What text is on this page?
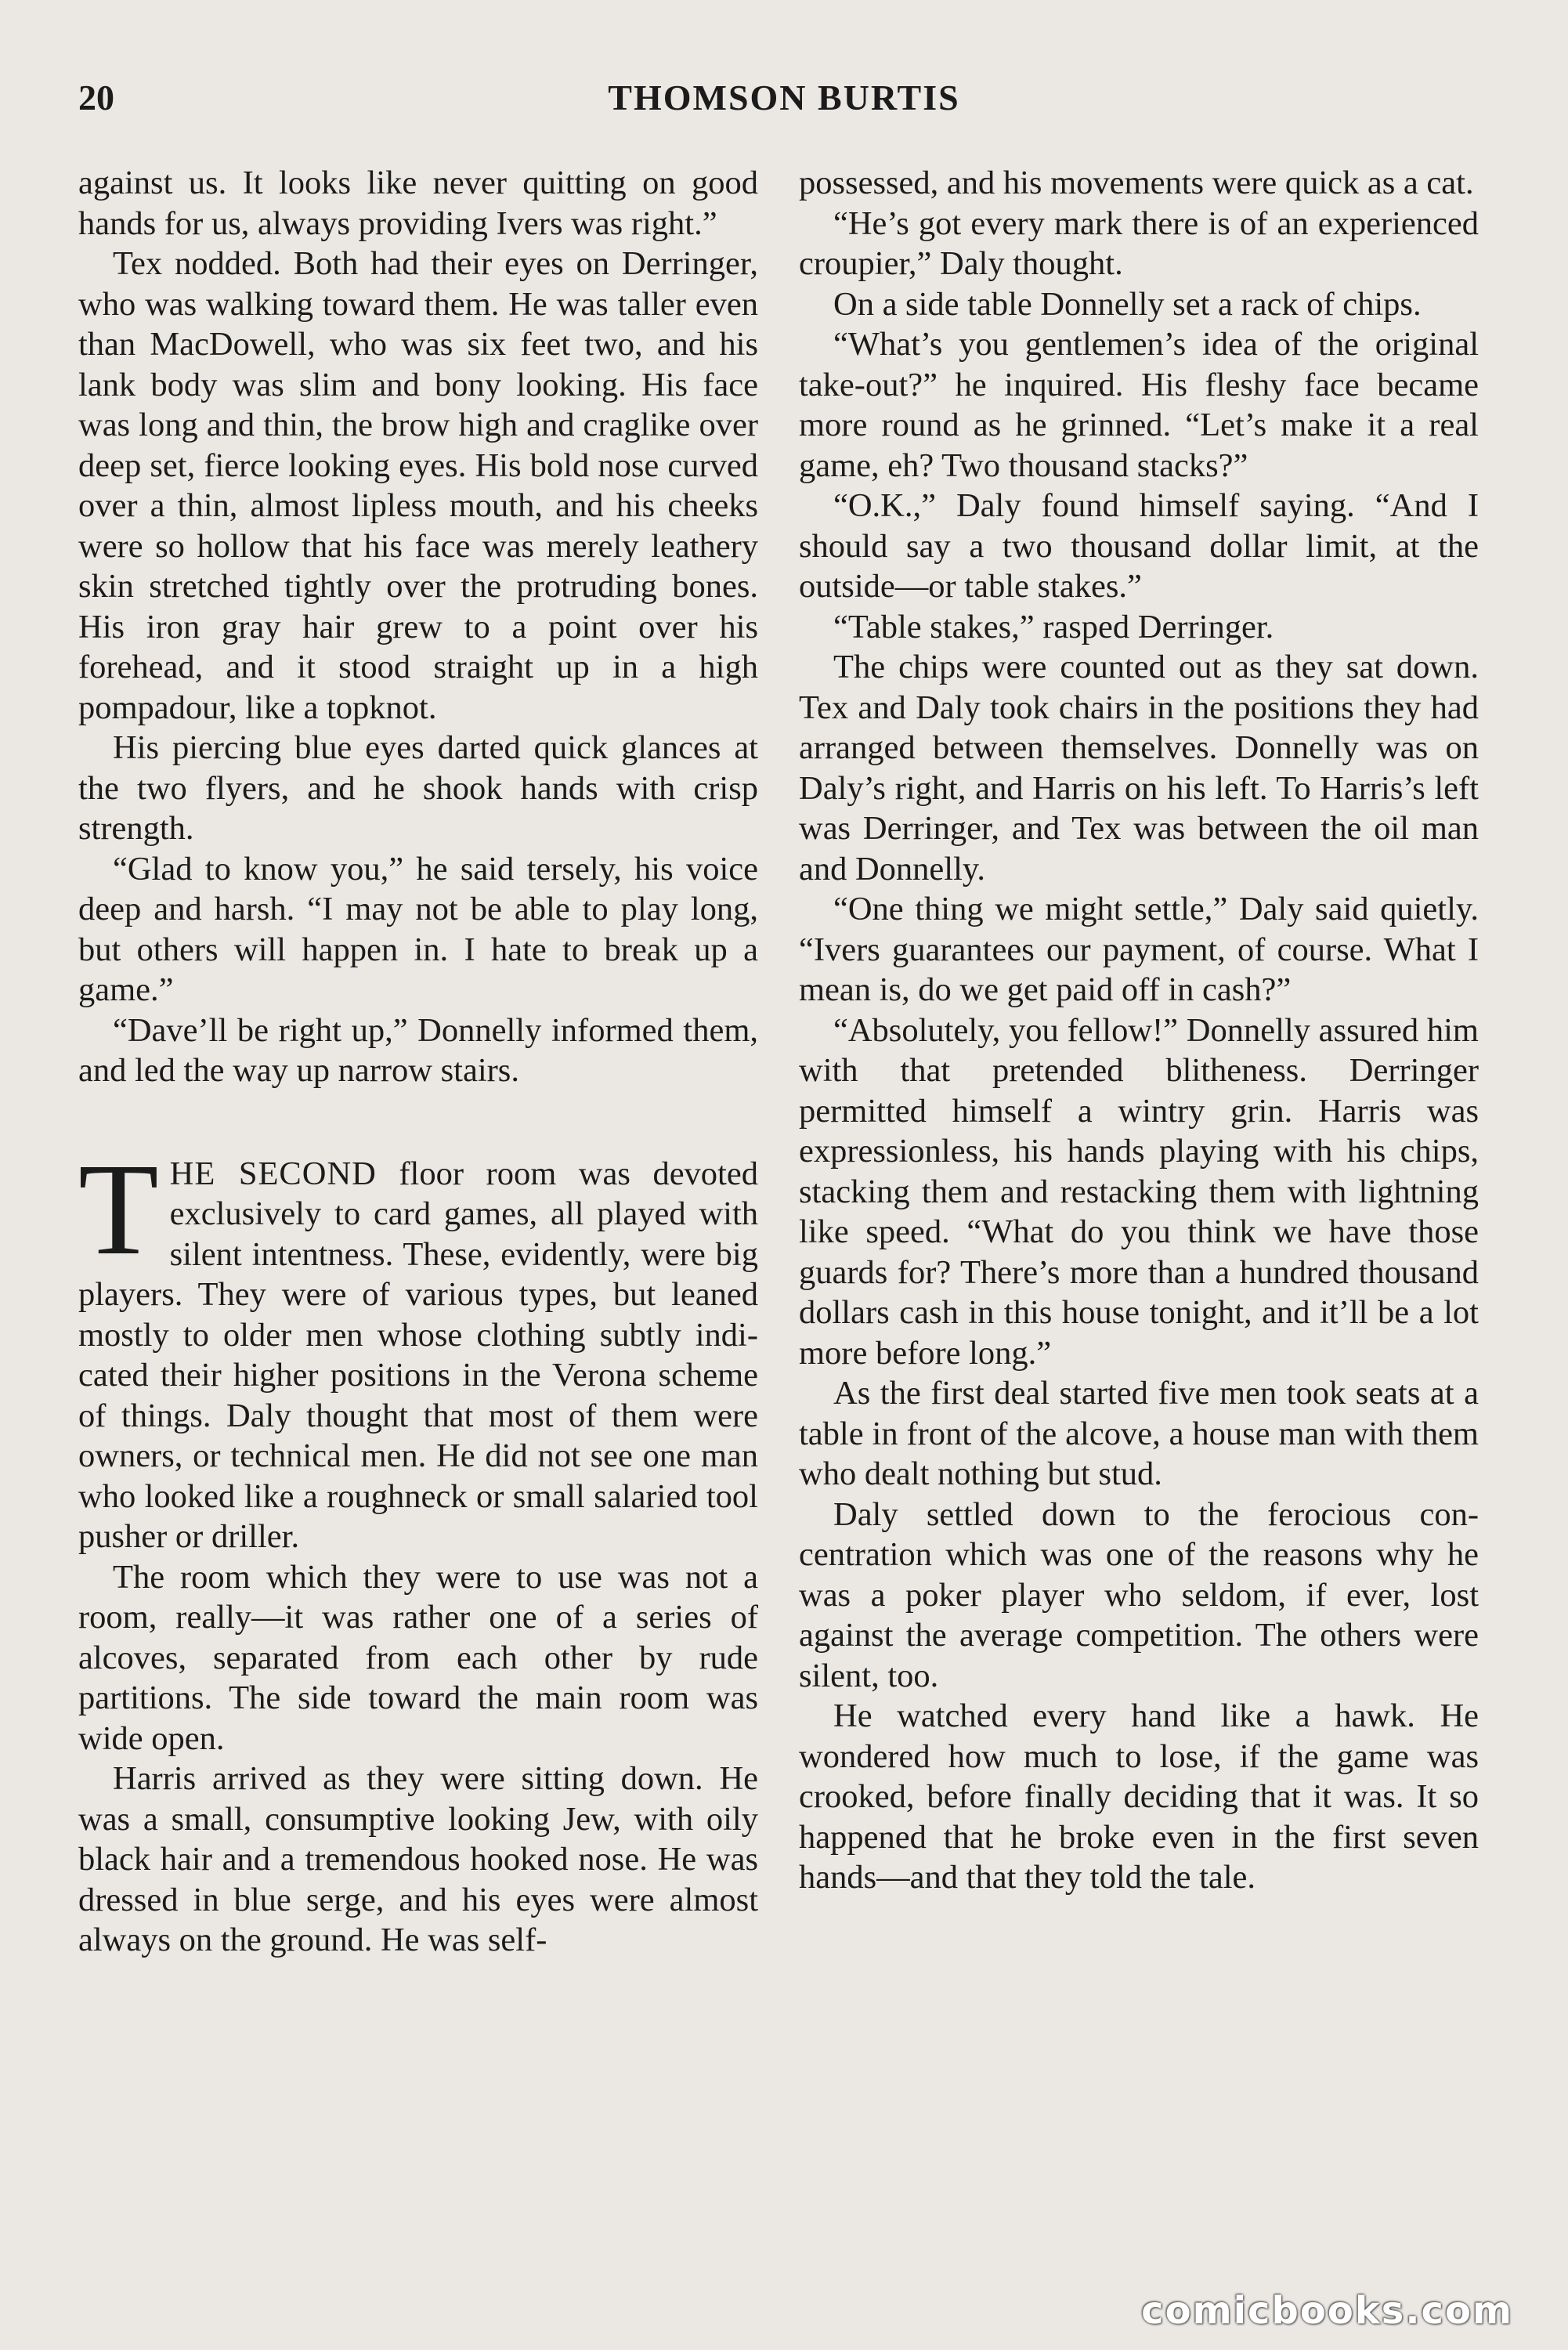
20	THOMSON BURTIS

against us. It looks like never quitting on good hands for us, always providing Ivers was right.”

Tex nodded. Both had their eyes on Derringer, who was walking toward them. He was taller even than MacDowell, who was six feet two, and his lank body was slim and bony looking. His face was long and thin, the brow high and craglike over deep set, fierce looking eyes. His bold nose curved over a thin, almost lipless mouth, and his cheeks were so hollow that his face was merely leathery skin stretched tightly over the protruding bones. His iron gray hair grew to a point over his forehead, and it stood straight up in a high pompadour, like a topknot.

His piercing blue eyes darted quick glances at the two flyers, and he shook hands with crisp strength.

“Glad to know you,” he said tersely, his voice deep and harsh. “I may not be able to play long, but others will happen in. I hate to break up a game.”

“Dave’ll be right up,” Donnelly informed them, and led the way up narrow stairs.

THE SECOND floor room was devoted exclusively to card games, all played with silent intentness. These, evidently, were big players. They were of various types, but leaned mostly to older men whose clothing subtly indicated their higher positions in the Verona scheme of things. Daly thought that most of them were owners, or technical men. He did not see one man who looked like a roughneck or small salaried tool pusher or driller.

The room which they were to use was not a room, really—it was rather one of a series of alcoves, separated from each other by rude partitions. The side toward the main room was wide open.

Harris arrived as they were sitting down. He was a small, consumptive looking Jew, with oily black hair and a tremendous hooked nose. He was dressed in blue serge, and his eyes were almost always on the ground. He was self-

possessed, and his movements were quick as a cat.

“He’s got every mark there is of an experienced croupier,” Daly thought.

On a side table Donnelly set a rack of chips.

“What’s you gentlemen’s idea of the original take-out?” he inquired. His fleshy face became more round as he grinned. “Let’s make it a real game, eh? Two thousand stacks?”

“O.K.,” Daly found himself saying. “And I should say a two thousand dollar limit, at the outside—or table stakes.”

“Table stakes,” rasped Derringer.

The chips were counted out as they sat down. Tex and Daly took chairs in the positions they had arranged between themselves. Donnelly was on Daly’s right, and Harris on his left. To Harris’s left was Derringer, and Tex was between the oil man and Donnelly.

“One thing we might settle,” Daly said quietly. “Ivers guarantees our payment, of course. What I mean is, do we get paid off in cash?”

“Absolutely, you fellow!” Donnelly assured him with that pretended blitheness. Derringer permitted himself a wintry grin. Harris was expressionless, his hands playing with his chips, stacking them and restacking them with lightning like speed. “What do you think we have those guards for? There’s more than a hundred thousand dollars cash in this house tonight, and it’ll be a lot more before long.”

As the first deal started five men took seats at a table in front of the alcove, a house man with them who dealt nothing but stud.

Daly settled down to the ferocious concentration which was one of the reasons why he was a poker player who seldom, if ever, lost against the average competition. The others were silent, too.

He watched every hand like a hawk. He wondered how much to lose, if the game was crooked, before finally deciding that it was. It so happened that he broke even in the first seven hands—and that they told the tale.

comicbooks.com
